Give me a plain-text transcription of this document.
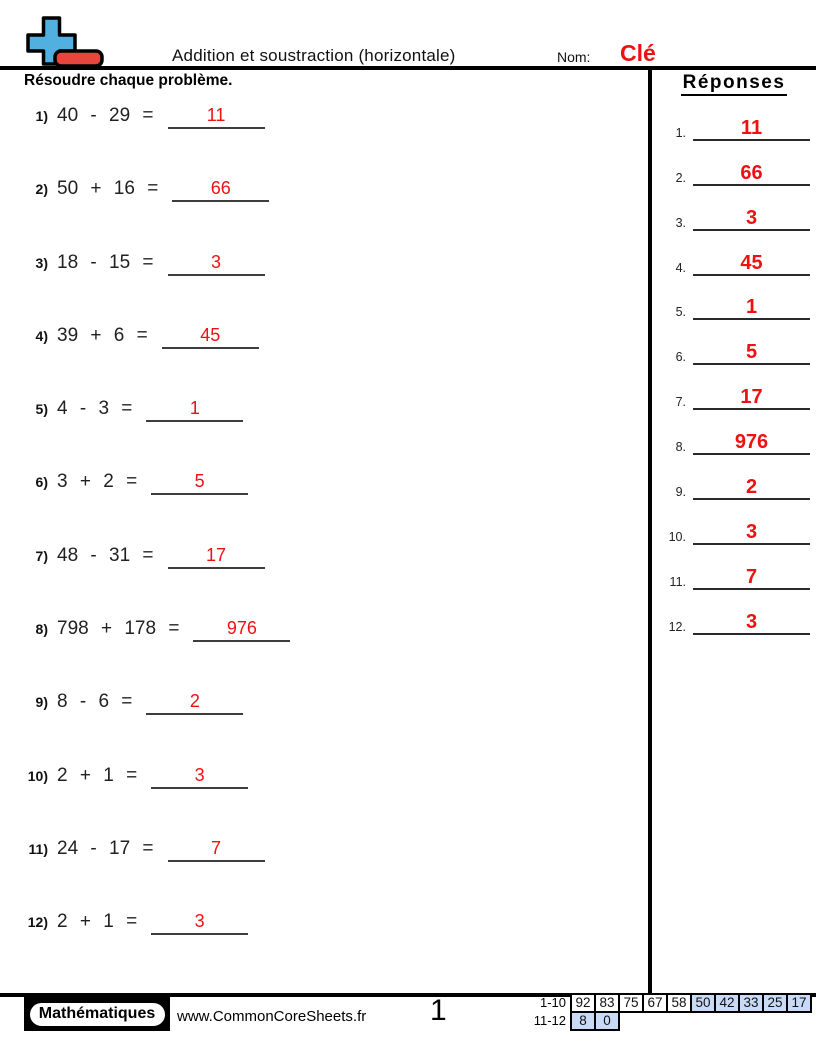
Addition et soustraction (horizontale)	Nom: Clé
Résoudre chaque problème.
1) 40 - 29 =	11
2) 50 + 16 =	66
3) 18 - 15 =	3
4) 39 + 6 =	45
5) 4 - 3 =	1
6) 3 + 2 =	5
7) 48 - 31 =	17
8) 798 + 178 =	976
9) 8 - 6 =	2
10) 2 + 1 =	3
11) 24 - 17 =	7
12) 2 + 1 =	3
Réponses
1.	11
2.	66
3.	3
4.	45
5.	1
6.	5
7.	17
8.	976
9.	2
10.	3
11.	7
12.	3
Mathématiques www.CommonCoreSheets.fr 1	1-10 92 83 75 67 58 50 42 33 25 17
11-12 8	0
